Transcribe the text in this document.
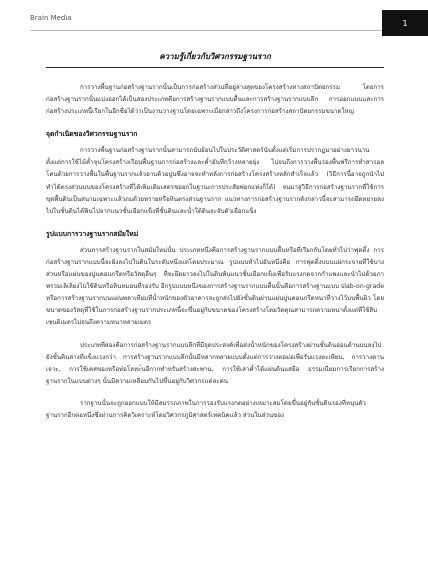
Brain Media
1
ความรู้เกี่ยวกับวิศวกรรมฐานราก

การวางพื้นฐานก่อสร้างฐานรากนั้นเป็นการก่อสร้างส่วนที่อยู่ล่างสุดของโครงสร้างทางสถาปัตยกรรม โดยการก่อสร้างฐานรากนั้นแบ่งออกได้เป็นสองประเภทคือการสร้างฐานรากแบบตื้นและการสร้างฐานรากแบบลึก การออกแบบและการก่อสร้างประเภทนี้เรียกในอีกชื่อได้ว่าเป็นงานวางฐานโดยเฉพาะเมื่อกล่าวถึงโครงการก่อสร้างสถาปัตยกรรมขนาดใหญ่

จุดกำเนิดของวิศวกรรมฐานราก

การวางพื้นฐานก่อสร้างฐานรากนั้นสามารถนับย้อนไปในประวัติศาสตร์นับตั้งแต่เริ่มการปรากฏมาอย่างยาวนานตั้งแต่การใช้ไม้ค้ำจุนโครงสร้างเรือนพื้นฐานการก่อสร้างและค้ำยันที่กว้างหลายยุ่ง ไปจนถึงการวางพื้นรองพื้นฟรีการทำสารอลโคนด้วยการวางพื้นในพื้นฐานรากแล้วอาบด้วยปูนซึ่งอาจจะทำหลังการก่อสร้างโครงสร้างหลักสำเร็จแล้ว (วิธีการนี้อาจถูกนำไปทำได้ตรงส่วนบนของโครงสร้างที่ได้เพิ่มเติมเสตรชออกในฐานะการประสัยพ่อกแท่งก็ได้) จนมาสู่วิธีการก่อสร้างฐานรากที่ใช้การขุดพื้นดินเป็นสนามเฉพาะแล้วถมด้วยทรายหรือหินตรงส่วนฐานราก แนวทางการก่อสร้างฐานรากดังกล่าวนี้จะสามารถยึดหยายลงไปในชั้นดินได้ฟินไปจากแนวชั้นเยือกแข็งที่ชั้นดินและน้ำใต้ดินจะจับตัวเยือกแข็ง

รูปแบบการวางฐานรากสมัยใหม่

ส่วนการสร้างฐานรากในสมัยใหม่นั้น ประเภทหนึ่งคือการสร้างฐานรากแบบตื้นหรือที่เรียกกันโดยทั่วไปว่าฟุตติ้ง การก่อสร้างฐานรากแบบนี้จะฝังลงไปในดินในระดับหนึ่งแต่โดยประมาณ รูปแบบทั่วไปอันหนึ่งคือ การฟุตติ้งแบบแผ่กระจายที่ใช้บางส่วนหรือแผ่นของปูนคอนกรีตหรือวัสดุอื่นๆ ที่จะยึดยาวลงไปในดินพ้นแนวชั้นเยือกแข็งเพื่อรับแรงกดจากกำแพงและนำไปด้วยภาพรวมเลิเลิ่ยงไปใช้ดินหรือหินหมอนที่รองรับ อีกรูปแบบหนึ่งของการสร้างฐานรากแบบตื้นนั้นคือการสร้างฐานแบบ slab-on-grade หรือการสร้างฐานรากบนแผ่นพลาเทียมที่น้ำหนักของตัวอาคารจะถูกส่งไปยังชั้นดินผ่านแผ่นปูนคอนกรีตหนาที่วางไว้บนพื้นผิว โดยขนาดของวัสดุที่ใช้ในการก่อสร้างฐานรากประเภทนี้จะขึ้นอยู่กับขนาดของโครงสร้างโดยวัดคุณสามารถความหนาตั้งแต่ที่ใช้สิบเซนติเมตรไปจนถึงความหนาหลายเมตร

ประเภทที่สองคือการก่อสร้างฐานรากแบบลึกที่มีจุดประสงค์เพื่อส่งน้ำหนักของโครงสร้างผ่านชั้นดินอ่อนด้านบนลงไปยังชั้นดินล่างที่แข็งแรงกว่า การสร้างฐานรากแบบลึกนั้นมีหลากหลายแบบตั้งแต่การวางตอม่อเพื่อรับแรงตะเพียน, การวางคานเจาะ, การใช้เคสของหรือท่อโลหะ้นอีกากทำหรับสร้างสะพาน, การใช้เสาค้ำได้แผ่นดินแสยือ ธรรมเนียมการเรียกการสร้างฐานรากในแบบต่างๆ นั้นมีความเหลื่อมกันไปขึ้นอยู่กับวิศวกรแต่ละคน

รากฐานนั้นจะถูกออกแบบให้มีสมรรถภาพในการรองรับแรงกดอย่างเหมาะสมโดยขึ้นอยู่กับชั้นดินรองที่หนุนตัวฐานรากอีกต่อหนึ่งซึ่งผ่านการคิดวิเคราะห์โดยวิศวกรภูมิศาสตร์เทคนิคแล้ว ส่วนในส่วนของ
